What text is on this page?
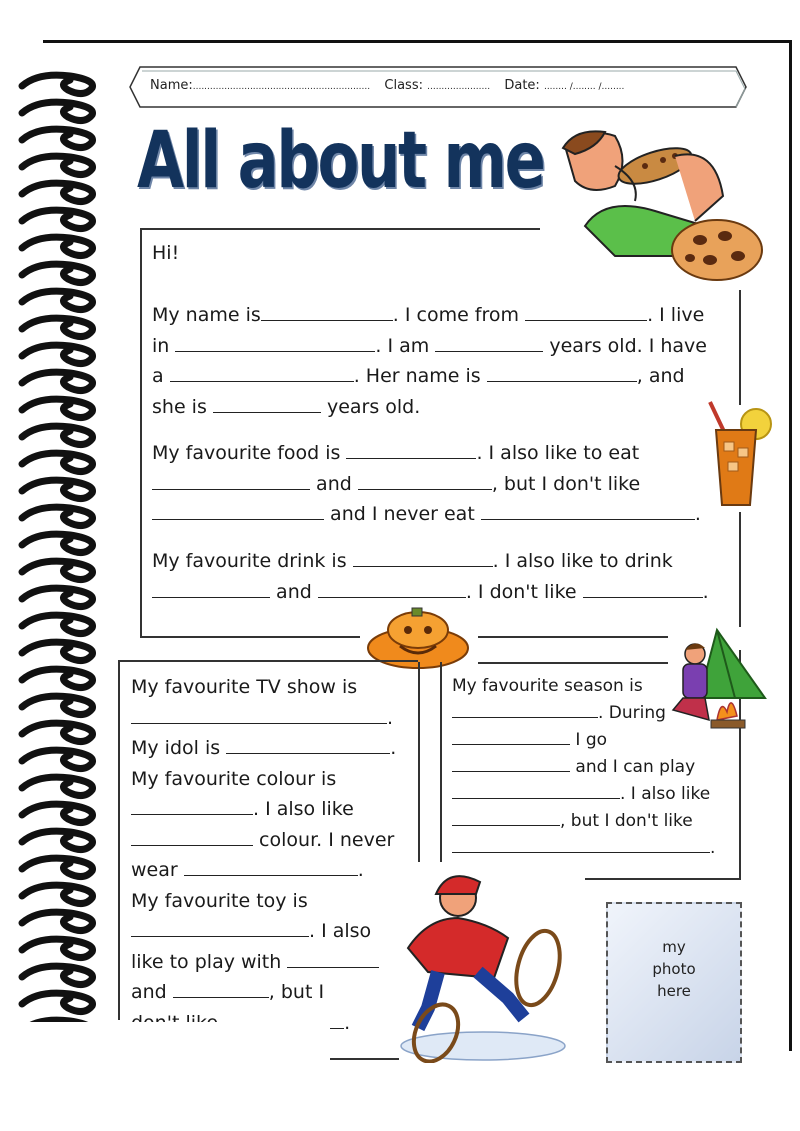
Name:.............................................................. Class: ...................... Date: ........ /........ /........
All about me
Hi!
My name is	. I come from	. I live
in	. I am	years old. I have
a	. Her name is	, and
she is	years old.
My favourite food is	. I also like to eat
and	, but I don't like
and I never eat	.
My favourite drink is	. I also like to drink
and	. I don't like	.
My favourite TV show is
.
My idol is	.
My favourite colour is
. I also like
colour. I never
wear	.
My favourite toy is
. I also
like to play with
and	, but I
.
My favourite season is
. During
I go
and I can play
. I also like
, but I don't like
.
my
photo
here
